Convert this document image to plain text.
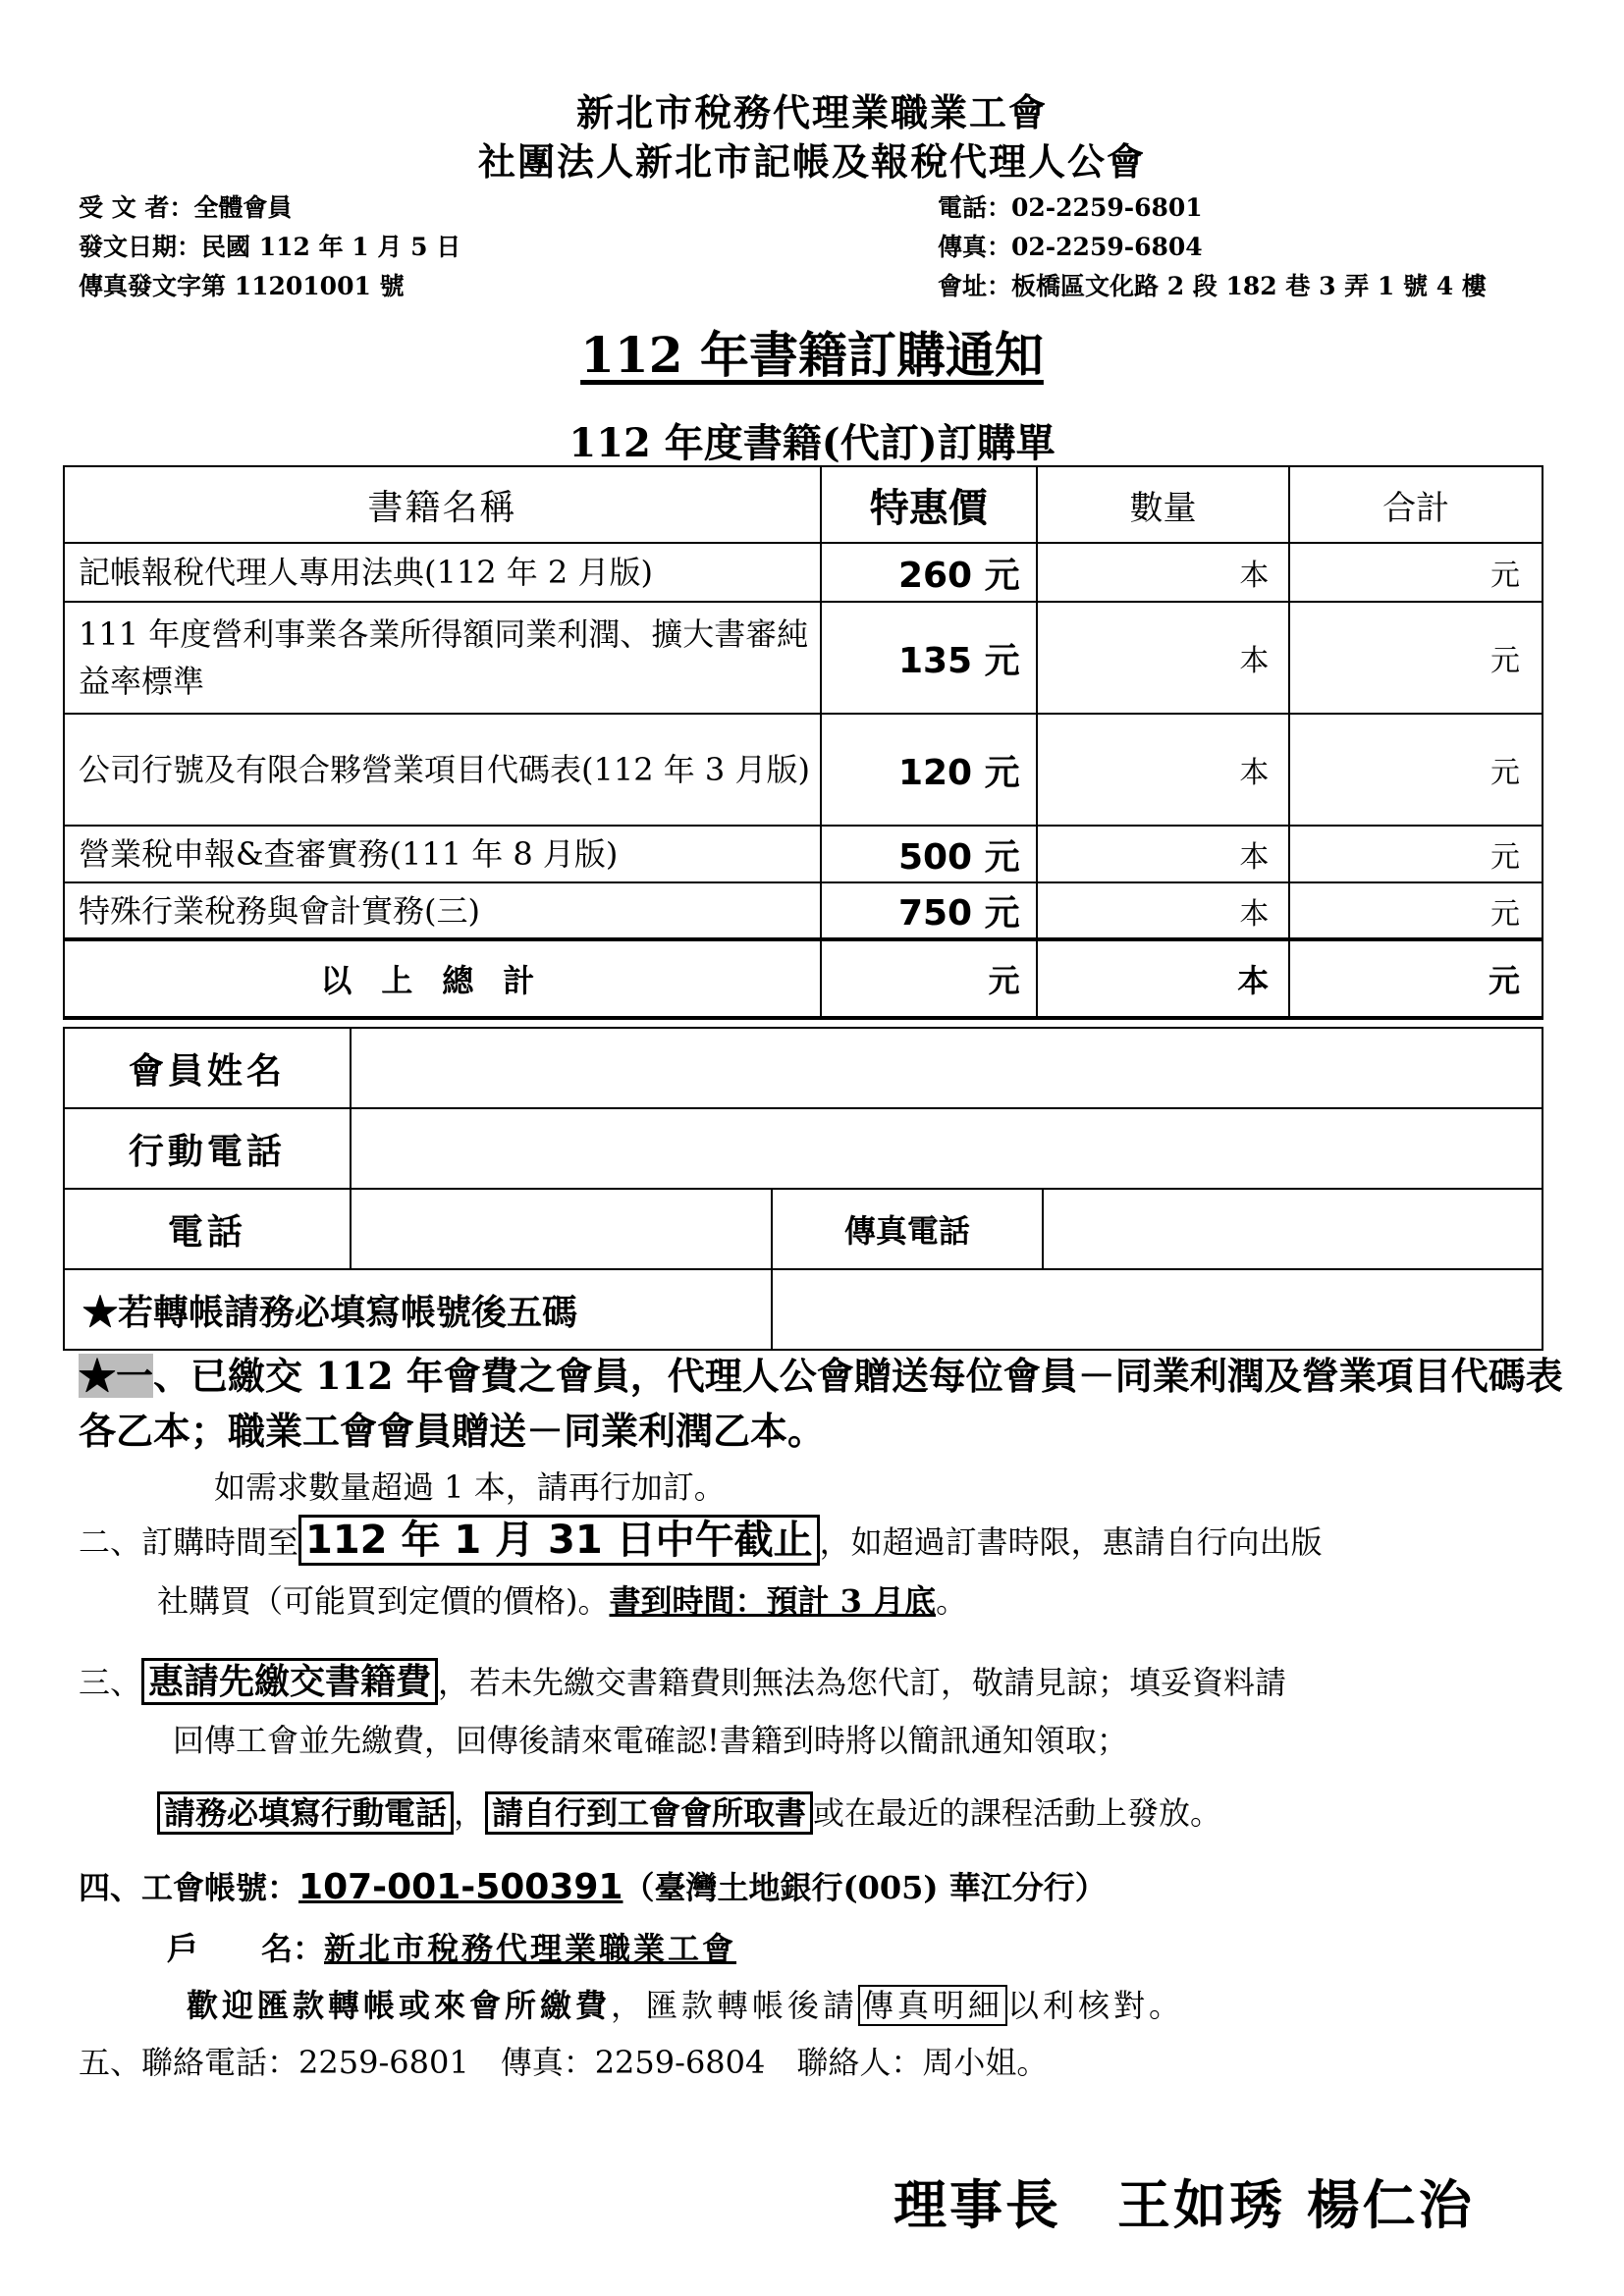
新北市稅務代理業職業工會
社團法人新北市記帳及報稅代理人公會
受 文 者：全體會員
發文日期：民國 112 年 1 月 5 日
傳真發文字第 11201001 號
電話：02-2259-6801
傳真：02-2259-6804
會址：板橋區文化路 2 段 182 巷 3 弄 1 號 4 樓
112 年書籍訂購通知
112 年度書籍(代訂)訂購單
書籍名稱	特惠價	數量	合計
記帳報稅代理人專用法典(112 年 2 月版)	260 元	本	元
111 年度營利事業各業所得額同業利潤、擴大書審純益率標準	135 元	本	元
公司行號及有限合夥營業項目代碼表(112 年 3 月版)	120 元	本	元
營業稅申報&查審實務(111 年 8 月版)	500 元	本	元
特殊行業稅務與會計實務(三)	750 元	本	元
以上總計	元	本	元
會員姓名			
行動電話			
電話		傳真電話	
★若轉帳請務必填寫帳號後五碼			
★一、已繳交 112 年會費之會員，代理人公會贈送每位會員－同業利潤及營業項目代碼表各乙本；職業工會會員贈送－同業利潤乙本。
如需求數量超過 1 本，請再行加訂。
二、訂購時間至 112 年 1 月 31 日中午截止 ，如超過訂書時限，惠請自行向出版
社購買（可能買到定價的價格)。書到時間：預計 3 月底。
三、 惠請先繳交書籍費 ，若未先繳交書籍費則無法為您代訂，敬請見諒；填妥資料請
回傳工會並先繳費，回傳後請來電確認!書籍到時將以簡訊通知領取；
請務必填寫行動電話 ， 請自行到工會會所取書 或在最近的課程活動上發放。
四、工會帳號：107-001-500391（臺灣土地銀行(005) 華江分行）
戶　　名：新北市稅務代理業職業工會
歡迎匯款轉帳或來會所繳費，匯款轉帳後請 傳真明細 以利核對。
五、聯絡電話：2259-6801　傳真：2259-6804　聯絡人：周小姐。
理事長　王如琇 楊仁治
